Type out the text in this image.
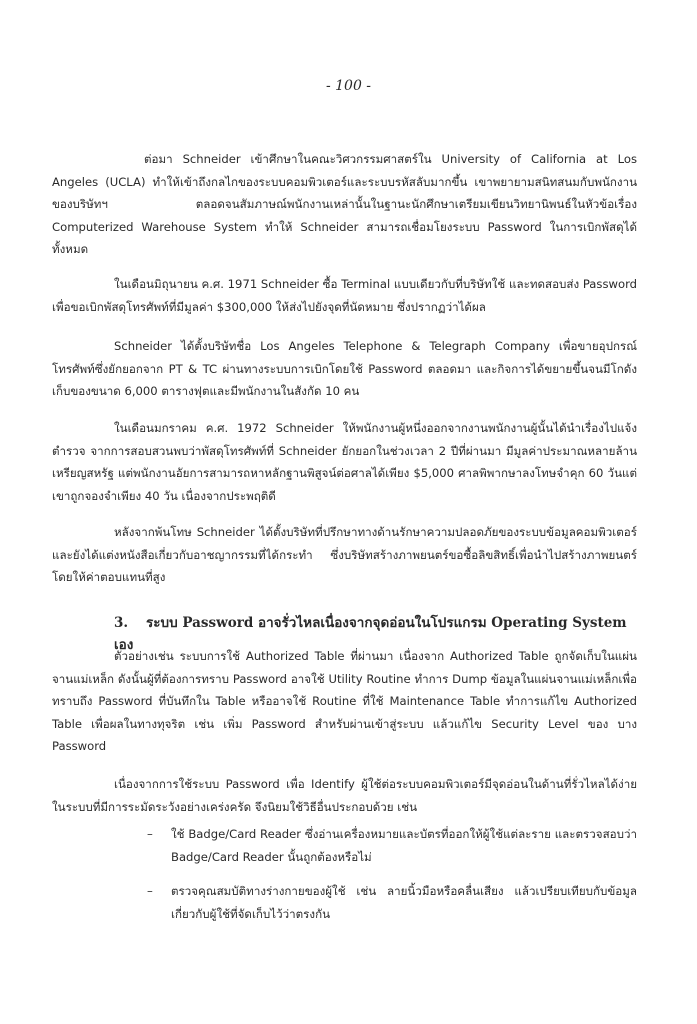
- 100 -

ต่อมา Schneider เข้าศึกษาในคณะวิศวกรรมศาสตร์ใน University of California at Los Angeles (UCLA) ทำให้เข้าถึงกลไกของระบบคอมพิวเตอร์และระบบรหัสลับมากขึ้น เขาพยายามสนิทสนมกับพนักงานของบริษัทฯ ตลอดจนสัมภาษณ์พนักงานเหล่านั้นในฐานะนักศึกษาเตรียมเขียนวิทยานิพนธ์ในหัวข้อเรื่อง Computerized Warehouse System ทำให้ Schneider สามารถเชื่อมโยงระบบ Password ในการเบิกพัสดุได้ทั้งหมด

ในเดือนมิถุนายน ค.ศ. 1971 Schneider ซื้อ Terminal แบบเดียวกับที่บริษัทใช้ และทดสอบส่ง Password เพื่อขอเบิกพัสดุโทรศัพท์ที่มีมูลค่า $300,000 ให้ส่งไปยังจุดที่นัดหมาย ซึ่งปรากฏว่าได้ผล

Schneider ได้ตั้งบริษัทชื่อ Los Angeles Telephone & Telegraph Company เพื่อขายอุปกรณ์โทรศัพท์ซึ่งยักยอกจาก PT & TC ผ่านทางระบบการเบิกโดยใช้ Password ตลอดมา และกิจการได้ขยายขึ้นจนมีโกดังเก็บของขนาด 6,000 ตารางฟุตและมีพนักงานในสังกัด 10 คน

ในเดือนมกราคม ค.ศ. 1972 Schneider ให้พนักงานผู้หนึ่งออกจากงานพนักงานผู้นั้นได้นำเรื่องไปแจ้งตำรวจ จากการสอบสวนพบว่าพัสดุโทรศัพท์ที่ Schneider ยักยอกในช่วงเวลา 2 ปีที่ผ่านมา มีมูลค่าประมาณหลายล้านเหรียญสหรัฐ แต่พนักงานอัยการสามารถหาหลักฐานพิสูจน์ต่อศาลได้เพียง $5,000 ศาลพิพากษาลงโทษจำคุก 60 วันแต่เขาถูกจองจำเพียง 40 วัน เนื่องจากประพฤติดี

หลังจากพ้นโทษ Schneider ได้ตั้งบริษัทที่ปรึกษาทางด้านรักษาความปลอดภัยของระบบข้อมูลคอมพิวเตอร์ และยังได้แต่งหนังสือเกี่ยวกับอาชญากรรมที่ได้กระทำ ซึ่งบริษัทสร้างภาพยนตร์ขอซื้อลิขสิทธิ์เพื่อนำไปสร้างภาพยนตร์ โดยให้ค่าตอบแทนที่สูง

3. ระบบ Password อาจรั่วไหลเนื่องจากจุดอ่อนในโปรแกรม Operating System เอง

ตัวอย่างเช่น ระบบการใช้ Authorized Table ที่ผ่านมา เนื่องจาก Authorized Table ถูกจัดเก็บในแผ่นจานแม่เหล็ก ดังนั้นผู้ที่ต้องการทราบ Password อาจใช้ Utility Routine ทำการ Dump ข้อมูลในแผ่นจานแม่เหล็กเพื่อทราบถึง Password ที่บันทึกใน Table หรืออาจใช้ Routine ที่ใช้ Maintenance Table ทำการแก้ไข Authorized Table เพื่อผลในทางทุจริต เช่น เพิ่ม Password สำหรับผ่านเข้าสู่ระบบ แล้วแก้ไข Security Level ของ บาง Password

เนื่องจากการใช้ระบบ Password เพื่อ Identify ผู้ใช้ต่อระบบคอมพิวเตอร์มีจุดอ่อนในด้านที่รั่วไหลได้ง่าย ในระบบที่มีการระมัดระวังอย่างเคร่งครัด จึงนิยมใช้วิธีอื่นประกอบด้วย เช่น

– ใช้ Badge/Card Reader ซึ่งอ่านเครื่องหมายและบัตรที่ออกให้ผู้ใช้แต่ละราย และตรวจสอบว่า Badge/Card Reader นั้นถูกต้องหรือไม่
– ตรวจคุณสมบัติทางร่างกายของผู้ใช้ เช่น ลายนิ้วมือหรือคลื่นเสียง แล้วเปรียบเทียบกับข้อมูลเกี่ยวกับผู้ใช้ที่จัดเก็บไว้ว่าตรงกัน
